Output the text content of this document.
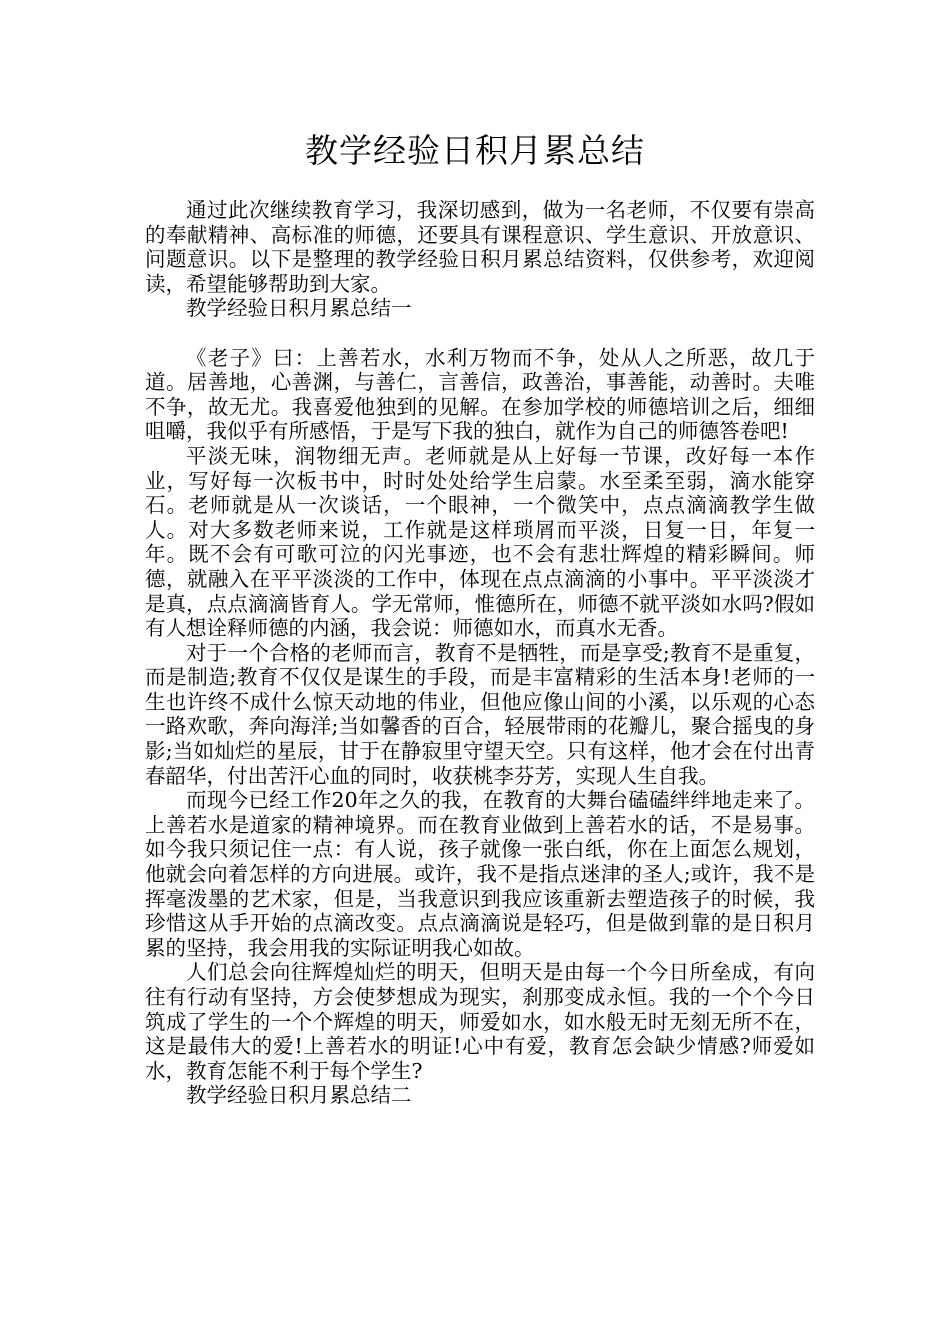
教学经验日积月累总结

通过此次继续教育学习，我深切感到，做为一名老师，不仅要有崇高的奉献精神、高标准的师德，还要具有课程意识、学生意识、开放意识、问题意识。以下是整理的教学经验日积月累总结资料，仅供参考，欢迎阅读，希望能够帮助到大家。

教学经验日积月累总结一

《老子》曰：上善若水，水利万物而不争，处从人之所恶，故几于道。居善地，心善渊，与善仁，言善信，政善治，事善能，动善时。夫唯不争，故无尤。我喜爱他独到的见解。在参加学校的师德培训之后，细细咀嚼，我似乎有所感悟，于是写下我的独白，就作为自己的师德答卷吧!

平淡无味，润物细无声。老师就是从上好每一节课，改好每一本作业，写好每一次板书中，时时处处给学生启蒙。水至柔至弱，滴水能穿石。老师就是从一次谈话，一个眼神，一个微笑中，点点滴滴教学生做人。对大多数老师来说，工作就是这样琐屑而平淡，日复一日，年复一年。既不会有可歌可泣的闪光事迹，也不会有悲壮辉煌的精彩瞬间。师德，就融入在平平淡淡的工作中，体现在点点滴滴的小事中。平平淡淡才是真，点点滴滴皆育人。学无常师，惟德所在，师德不就平淡如水吗?假如有人想诠释师德的内涵，我会说：师德如水，而真水无香。

对于一个合格的老师而言，教育不是牺牲，而是享受;教育不是重复，而是制造;教育不仅仅是谋生的手段，而是丰富精彩的生活本身!老师的一生也许终不成什么惊天动地的伟业，但他应像山间的小溪，以乐观的心态一路欢歌，奔向海洋;当如馨香的百合，轻展带雨的花瓣儿，聚合摇曳的身影;当如灿烂的星辰，甘于在静寂里守望天空。只有这样，他才会在付出青春韶华，付出苦汗心血的同时，收获桃李芬芳，实现人生自我。

而现今已经工作20年之久的我，在教育的大舞台磕磕绊绊地走来了。上善若水是道家的精神境界。而在教育业做到上善若水的话，不是易事。如今我只须记住一点：有人说，孩子就像一张白纸，你在上面怎么规划，他就会向着怎样的方向进展。或许，我不是指点迷津的圣人;或许，我不是挥毫泼墨的艺术家，但是，当我意识到我应该重新去塑造孩子的时候，我珍惜这从手开始的点滴改变。点点滴滴说是轻巧，但是做到靠的是日积月累的坚持，我会用我的实际证明我心如故。

人们总会向往辉煌灿烂的明天，但明天是由每一个今日所垒成，有向往有行动有坚持，方会使梦想成为现实，刹那变成永恒。我的一个个今日筑成了学生的一个个辉煌的明天，师爱如水，如水般无时无刻无所不在，这是最伟大的爱!上善若水的明证!心中有爱，教育怎会缺少情感?师爱如水，教育怎能不利于每个学生?

教学经验日积月累总结二
